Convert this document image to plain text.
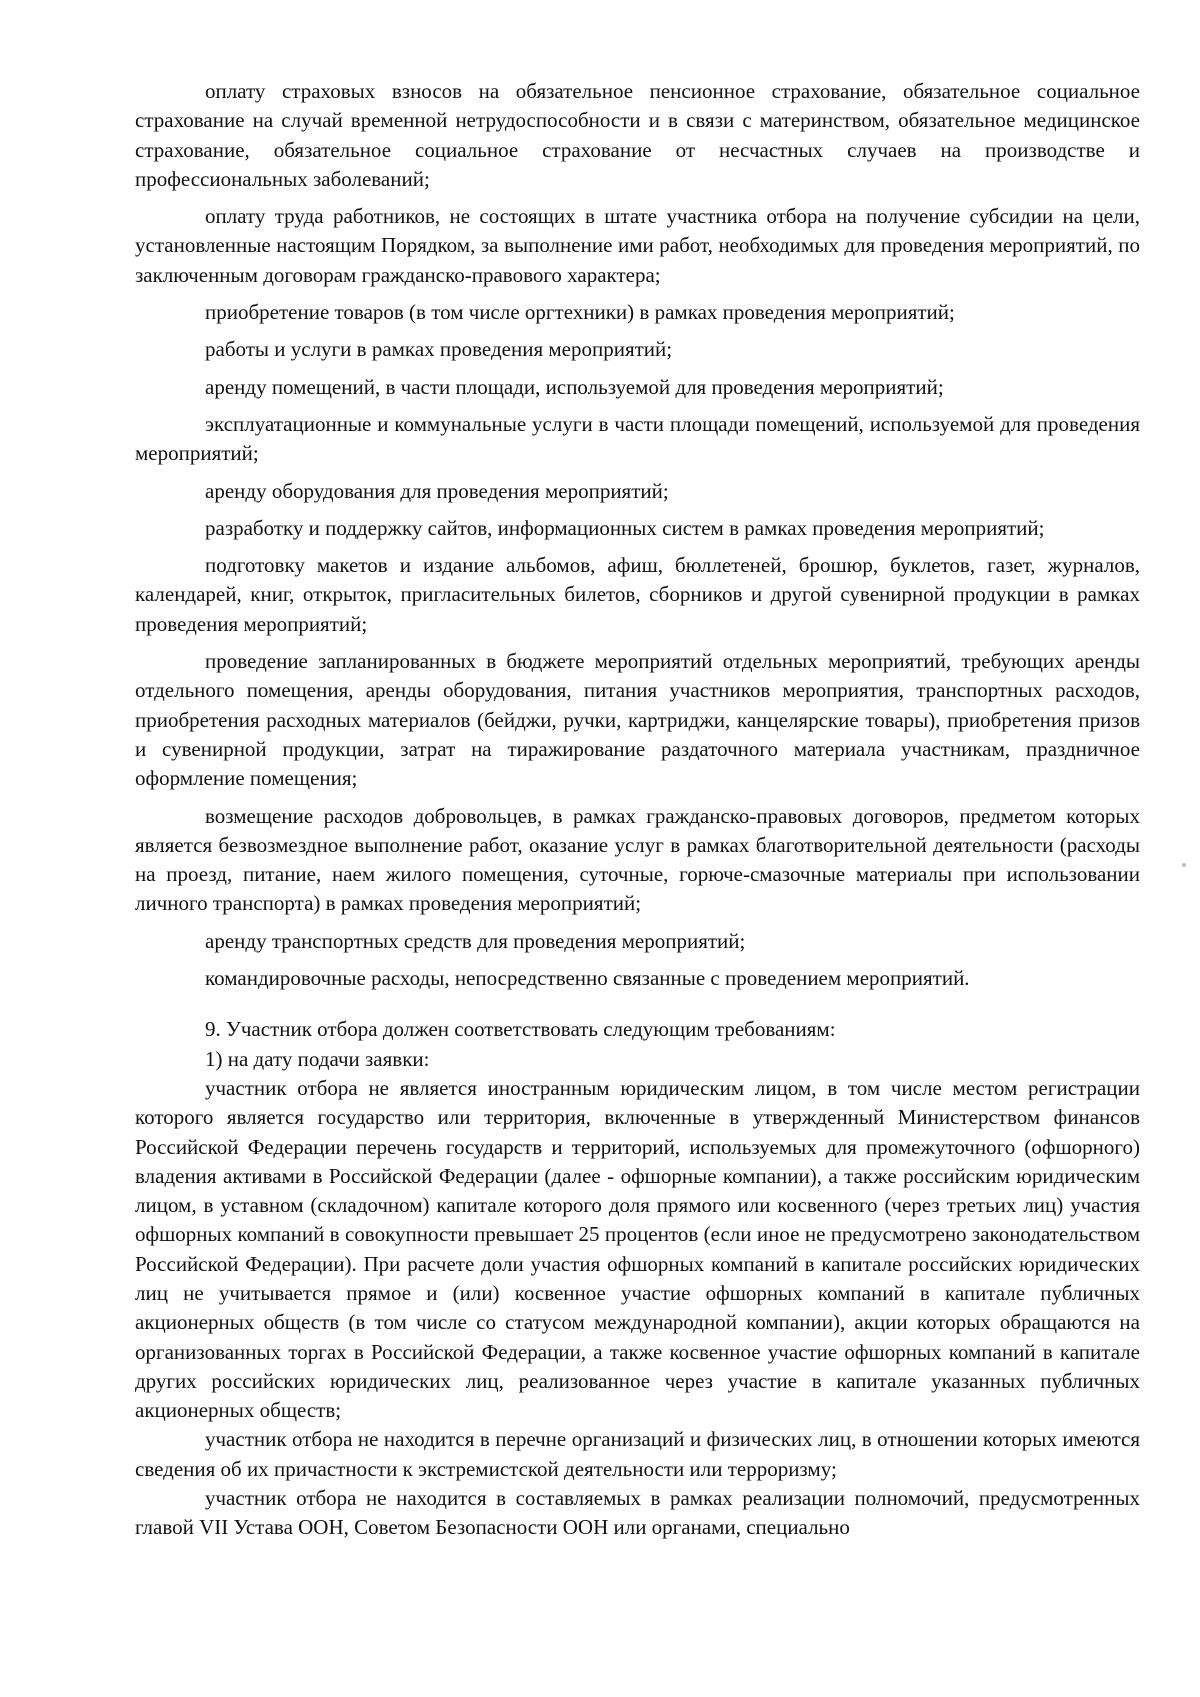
оплату страховых взносов на обязательное пенсионное страхование, обязательное социальное страхование на случай временной нетрудоспособности и в связи с материнством, обязательное медицинское страхование, обязательное социальное страхование от несчастных случаев на производстве и профессиональных заболеваний;

оплату труда работников, не состоящих в штате участника отбора на получение субсидии на цели, установленные настоящим Порядком, за выполнение ими работ, необходимых для проведения мероприятий, по заключенным договорам гражданско-правового характера;

приобретение товаров (в том числе оргтехники) в рамках проведения мероприятий;

работы и услуги в рамках проведения мероприятий;

аренду помещений, в части площади, используемой для проведения мероприятий;

эксплуатационные и коммунальные услуги в части площади помещений, используемой для проведения мероприятий;

аренду оборудования для проведения мероприятий;

разработку и поддержку сайтов, информационных систем в рамках проведения мероприятий;

подготовку макетов и издание альбомов, афиш, бюллетеней, брошюр, буклетов, газет, журналов, календарей, книг, открыток, пригласительных билетов, сборников и другой сувенирной продукции в рамках проведения мероприятий;

проведение запланированных в бюджете мероприятий отдельных мероприятий, требующих аренды отдельного помещения, аренды оборудования, питания участников мероприятия, транспортных расходов, приобретения расходных материалов (бейджи, ручки, картриджи, канцелярские товары), приобретения призов и сувенирной продукции, затрат на тиражирование раздаточного материала участникам, праздничное оформление помещения;

возмещение расходов добровольцев, в рамках гражданско-правовых договоров, предметом которых является безвозмездное выполнение работ, оказание услуг в рамках благотворительной деятельности (расходы на проезд, питание, наем жилого помещения, суточные, горюче-смазочные материалы при использовании личного транспорта) в рамках проведения мероприятий;

аренду транспортных средств для проведения мероприятий;

командировочные расходы, непосредственно связанные с проведением мероприятий.

9. Участник отбора должен соответствовать следующим требованиям:

1) на дату подачи заявки:

участник отбора не является иностранным юридическим лицом, в том числе местом регистрации которого является государство или территория, включенные в утвержденный Министерством финансов Российской Федерации перечень государств и территорий, используемых для промежуточного (офшорного) владения активами в Российской Федерации (далее - офшорные компании), а также российским юридическим лицом, в уставном (складочном) капитале которого доля прямого или косвенного (через третьих лиц) участия офшорных компаний в совокупности превышает 25 процентов (если иное не предусмотрено законодательством Российской Федерации). При расчете доли участия офшорных компаний в капитале российских юридических лиц не учитывается прямое и (или) косвенное участие офшорных компаний в капитале публичных акционерных обществ (в том числе со статусом международной компании), акции которых обращаются на организованных торгах в Российской Федерации, а также косвенное участие офшорных компаний в капитале других российских юридических лиц, реализованное через участие в капитале указанных публичных акционерных обществ;

участник отбора не находится в перечне организаций и физических лиц, в отношении которых имеются сведения об их причастности к экстремистской деятельности или терроризму;

участник отбора не находится в составляемых в рамках реализации полномочий, предусмотренных главой VII Устава ООН, Советом Безопасности ООН или органами, специально
